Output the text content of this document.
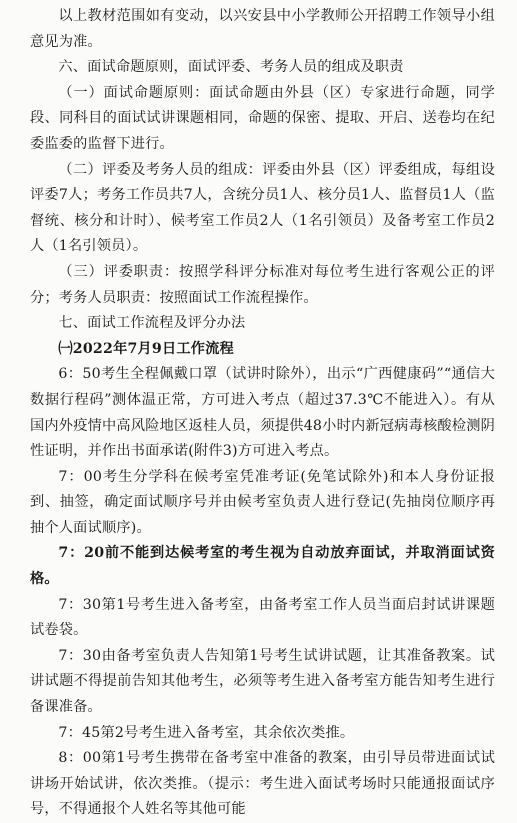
以上教材范围如有变动，以兴安县中小学教师公开招聘工作领导小组意见为准。

六、面试命题原则，面试评委、考务人员的组成及职责

（一）面试命题原则：面试命题由外县（区）专家进行命题，同学段、同科目的面试试讲课题相同，命题的保密、提取、开启、送卷均在纪委监委的监督下进行。

（二）评委及考务人员的组成：评委由外县（区）评委组成，每组设评委7人；考务工作员共7人，含统分员1人、核分员1人、监督员1人（监督统、核分和计时）、候考室工作员2人（1名引领员）及备考室工作员2人（1名引领员）。

（三）评委职责：按照学科评分标准对每位考生进行客观公正的评分；考务人员职责：按照面试工作流程操作。

七、面试工作流程及评分办法

㈠2022年7月9日工作流程

6：50考生全程佩戴口罩（试讲时除外），出示“广西健康码”“通信大数据行程码”测体温正常，方可进入考点（超过37.3℃不能进入）。有从国内外疫情中高风险地区返桂人员，须提供48小时内新冠病毒核酸检测阴性证明，并作出书面承诺(附件3)方可进入考点。

7：00考生分学科在候考室凭准考证(免笔试除外)和本人身份证报到、抽签，确定面试顺序号并由候考室负责人进行登记(先抽岗位顺序再抽个人面试顺序)。

7：20前不能到达候考室的考生视为自动放弃面试，并取消面试资格。

7：30第1号考生进入备考室，由备考室工作人员当面启封试讲课题试卷袋。

7：30由备考室负责人告知第1号考生试讲试题，让其准备教案。试讲试题不得提前告知其他考生，必须等考生进入备考室方能告知考生进行备课准备。

7：45第2号考生进入备考室，其余依次类推。

8：00第1号考生携带在备考室中准备的教案，由引导员带进面试试讲场开始试讲，依次类推。（提示：考生进入面试考场时只能通报面试序号，不得通报个人姓名等其他可能
